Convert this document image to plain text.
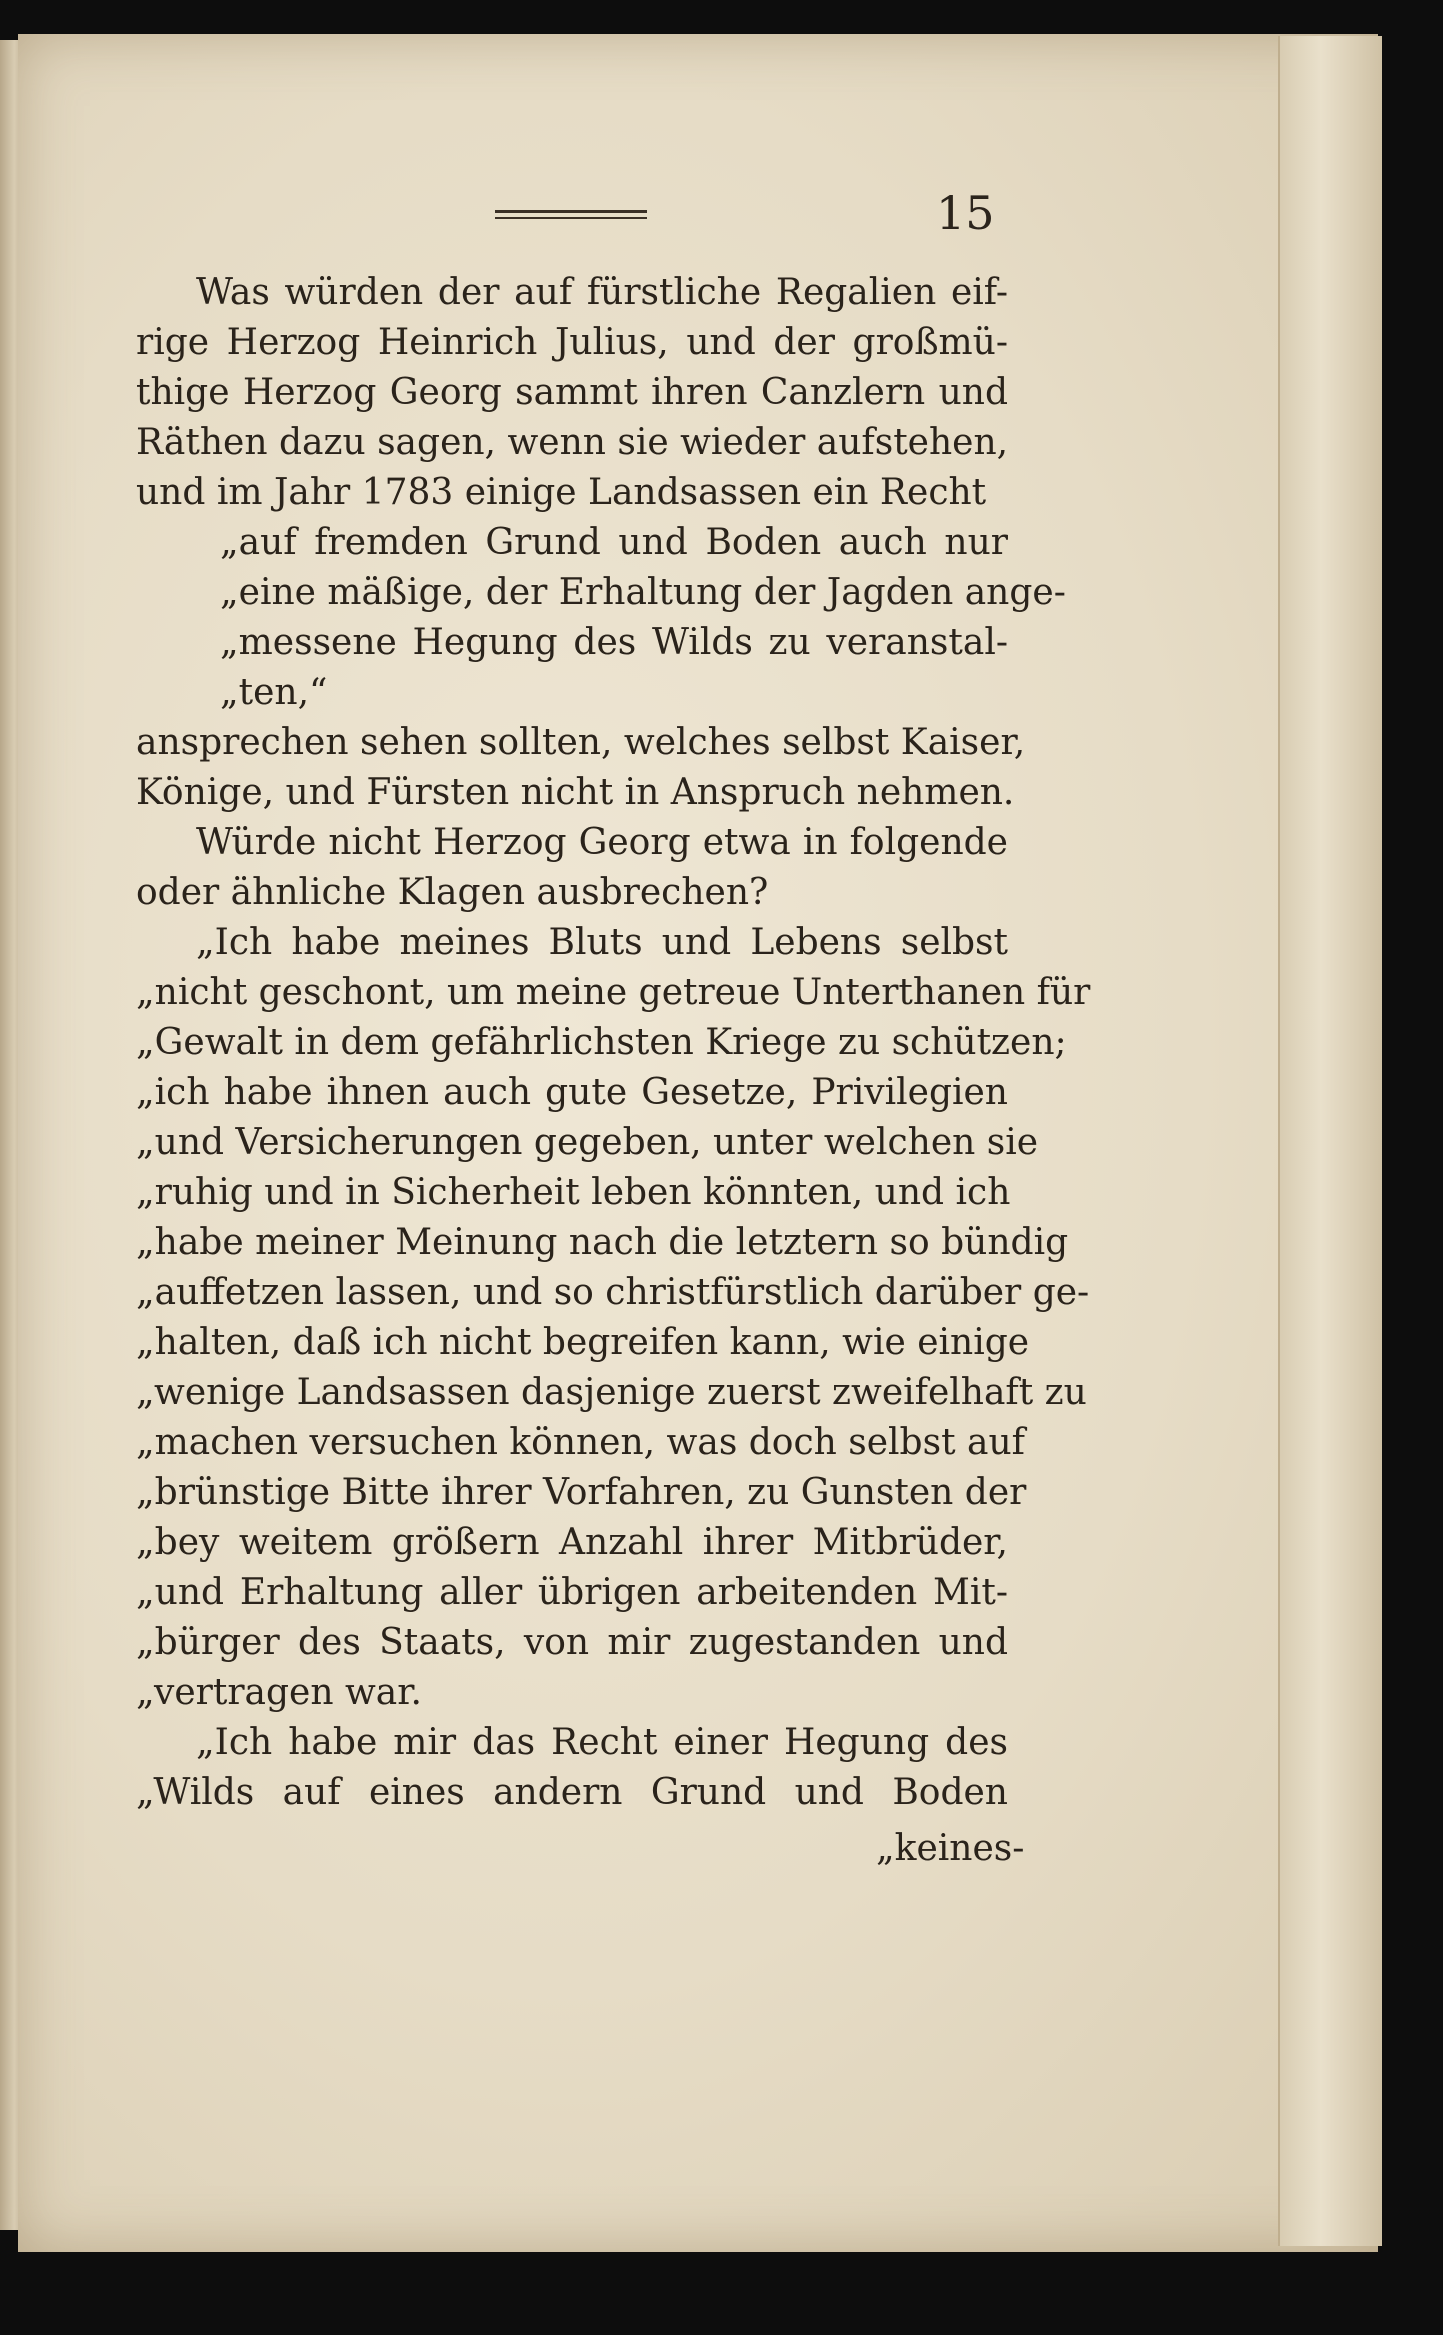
15
Was würden der auf fürstliche Regalien eif-
rige Herzog Heinrich Julius, und der großmü-
thige Herzog Georg sammt ihren Canzlern und
Räthen dazu sagen, wenn sie wieder aufstehen,
und im Jahr 1783 einige Landsassen ein Recht
„auf fremden Grund und Boden auch nur
„eine mäßige, der Erhaltung der Jagden ange-
„messene Hegung des Wilds zu veranstal-
„ten,“
ansprechen sehen sollten, welches selbst Kaiser,
Könige, und Fürsten nicht in Anspruch nehmen.
Würde nicht Herzog Georg etwa in folgende
oder ähnliche Klagen ausbrechen?
„Ich habe meines Bluts und Lebens selbst
„nicht geschont, um meine getreue Unterthanen für
„Gewalt in dem gefährlichsten Kriege zu schützen;
„ich habe ihnen auch gute Gesetze, Privilegien
„und Versicherungen gegeben, unter welchen sie
„ruhig und in Sicherheit leben könnten, und ich
„habe meiner Meinung nach die letztern so bündig
„auffetzen lassen, und so christfürstlich darüber ge-
„halten, daß ich nicht begreifen kann, wie einige
„wenige Landsassen dasjenige zuerst zweifelhaft zu
„machen versuchen können, was doch selbst auf
„brünstige Bitte ihrer Vorfahren, zu Gunsten der
„bey weitem größern Anzahl ihrer Mitbrüder,
„und Erhaltung aller übrigen arbeitenden Mit-
„bürger des Staats, von mir zugestanden und
„vertragen war.
„Ich habe mir das Recht einer Hegung des
„Wilds auf eines andern Grund und Boden
„keines-
